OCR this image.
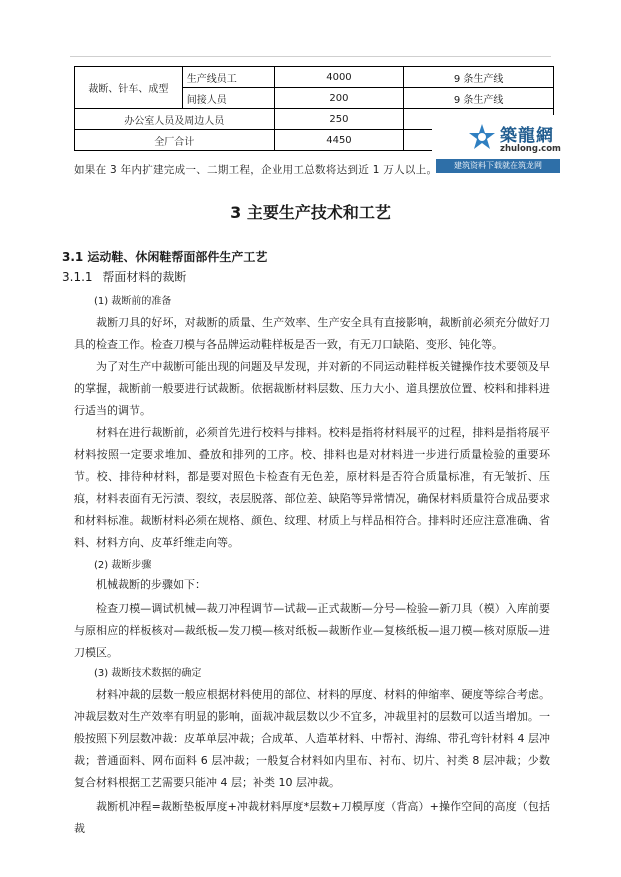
裁断、针车、成型	生产线员工	4000	9 条生产线
	间接人员	200	9 条生产线
办公室人员及周边人员		250	
全厂合计		4450		築龍網
zhulong.com
建筑资料下载就在筑龙网
如果在 3 年内扩建完成一、二期工程，企业用工总数将达到近 1 万人以上。
3 主要生产技术和工艺
3.1 运动鞋、休闲鞋帮面部件生产工艺
3.1.1 帮面材料的裁断
(1) 裁断前的准备

裁断刀具的好坏，对裁断的质量、生产效率、生产安全具有直接影响，裁断前必须充分做好刀具的检查工作。检查刀模与各品牌运动鞋样板是否一致，有无刀口缺陷、变形、钝化等。

为了对生产中裁断可能出现的问题及早发现，并对新的不同运动鞋样板关键操作技术要领及早的掌握，裁断前一般要进行试裁断。依据裁断材料层数、压力大小、道具摆放位置、校料和排料进行适当的调节。

材料在进行裁断前，必须首先进行校料与排料。校料是指将材料展平的过程，排料是指将展平材料按照一定要求堆加、叠放和排列的工序。校、排料也是对材料进一步进行质量检验的重要环节。校、排待种材料，都是要对照色卡检查有无色差，原材料是否符合质量标准，有无皱折、压痕，材料表面有无污渍、裂纹，表层脱落、部位差、缺陷等异常情况，确保材料质量符合成品要求和材料标准。裁断材料必须在规格、颜色、纹理、材质上与样品相符合。排料时还应注意准确、省料、材料方向、皮革纤维走向等。

(2) 裁断步骤

机械裁断的步骤如下：

检查刀模—调试机械—裁刀冲程调节—试裁—正式裁断—分号—检验—新刀具（模）入库前要与原相应的样板核对—裁纸板—发刀模—核对纸板—裁断作业—复核纸板—退刀模—核对原版—进刀模区。

(3) 裁断技术数据的确定

材料冲裁的层数一般应根据材料使用的部位、材料的厚度、材料的伸缩率、硬度等综合考虑。冲裁层数对生产效率有明显的影响，面裁冲裁层数以少不宜多，冲裁里衬的层数可以适当增加。一般按照下列层数冲裁：皮革单层冲裁；合成革、人造革材料、中帮衬、海绵、带孔弯针材料 4 层冲裁；普通面料、网布面料 6 层冲裁；一般复合材料如内里布、衬布、切片、衬类 8 层冲裁；少数复合材料根据工艺需要只能冲 4 层；补类 10 层冲裁。

裁断机冲程=裁断垫板厚度+冲裁材料厚度*层数+刀模厚度（背高）+操作空间的高度（包括裁
